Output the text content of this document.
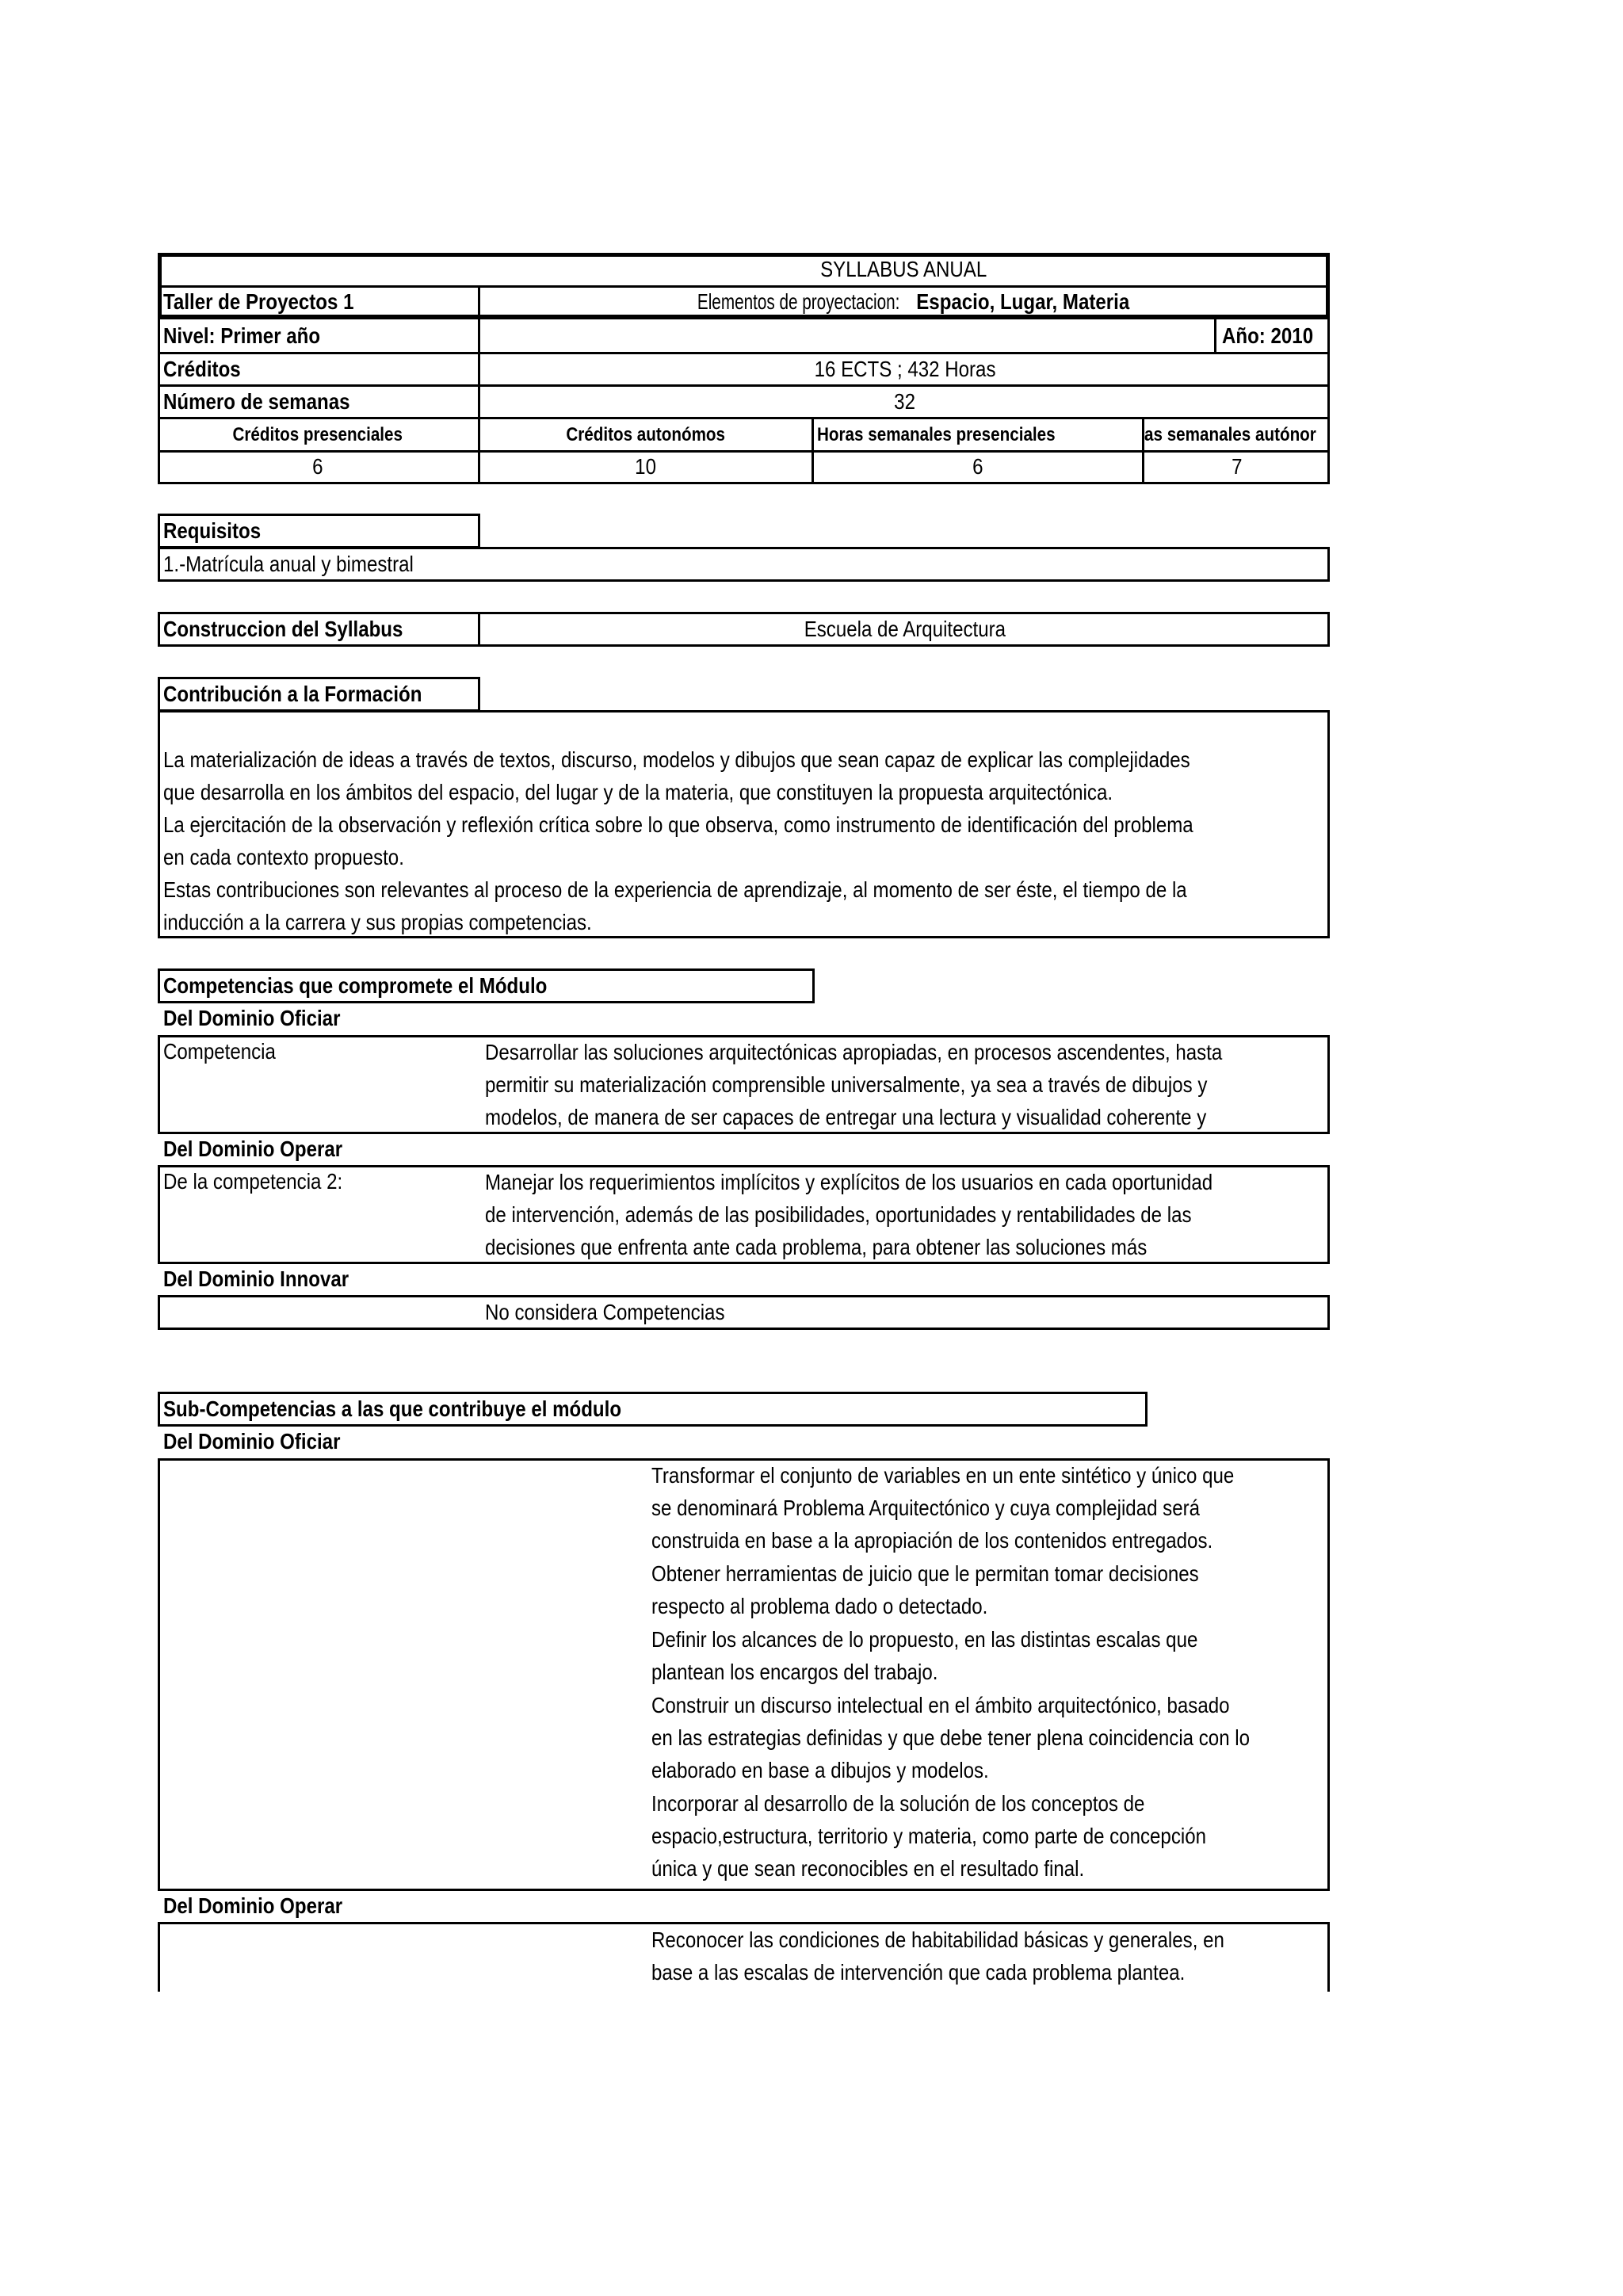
SYLLABUS ANUAL
Taller de Proyectos 1	Elementos de proyectacion:Espacio, Lugar, Materia
Nivel: Primer año	Año: 2010
Créditos	16 ECTS ; 432 Horas
Número de semanas	32
Créditos presenciales	Créditos autonómos	Horas semanales presenciales	as semanales autónor
6	10	6	7
Requisitos
1.-Matrícula anual y bimestral
Construccion del Syllabus	Escuela de Arquitectura
Contribución a la Formación
La materialización de ideas a través de textos, discurso, modelos y dibujos que sean capaz de explicar las complejidades
que desarrolla en los ámbitos del espacio, del lugar y de la materia, que constituyen la propuesta arquitectónica.
La ejercitación de la observación y reflexión crítica sobre lo que observa, como instrumento de identificación del problema
en cada contexto propuesto.
Estas contribuciones son relevantes al proceso de la experiencia de aprendizaje, al momento de ser éste, el tiempo de la
inducción a la carrera y sus propias competencias.
Competencias que compromete el Módulo
Del Dominio Oficiar
Competencia	Desarrollar las soluciones arquitectónicas apropiadas, en procesos ascendentes, hasta
permitir su materialización comprensible universalmente, ya sea a través de dibujos y
modelos, de manera de ser capaces de entregar una lectura y visualidad coherente y
Del Dominio Operar
De la competencia 2:	Manejar los requerimientos implícitos y explícitos de los usuarios en cada oportunidad
de intervención, además de las posibilidades, oportunidades y rentabilidades de las
decisiones que enfrenta ante cada problema, para obtener las soluciones más
Del Dominio Innovar
No considera Competencias
Sub-Competencias a las que contribuye el módulo
Del Dominio Oficiar
Transformar el conjunto de variables en un ente sintético y único que
se denominará Problema Arquitectónico y cuya complejidad será
construida en base a la apropiación de los contenidos entregados.
Obtener herramientas de juicio que le permitan tomar decisiones
respecto al problema dado o detectado.
Definir los alcances de lo propuesto, en las distintas escalas que
plantean los encargos del trabajo.
Construir un discurso intelectual en el ámbito arquitectónico, basado
en las estrategias definidas y que debe tener plena coincidencia con lo
elaborado en base a dibujos y modelos.
Incorporar al desarrollo de la solución de los conceptos de
espacio,estructura, territorio y materia, como parte de concepción
única y que sean reconocibles en el resultado final.
Del Dominio Operar
Reconocer las condiciones de habitabilidad básicas y generales, en
base a las escalas de intervención que cada problema plantea.
